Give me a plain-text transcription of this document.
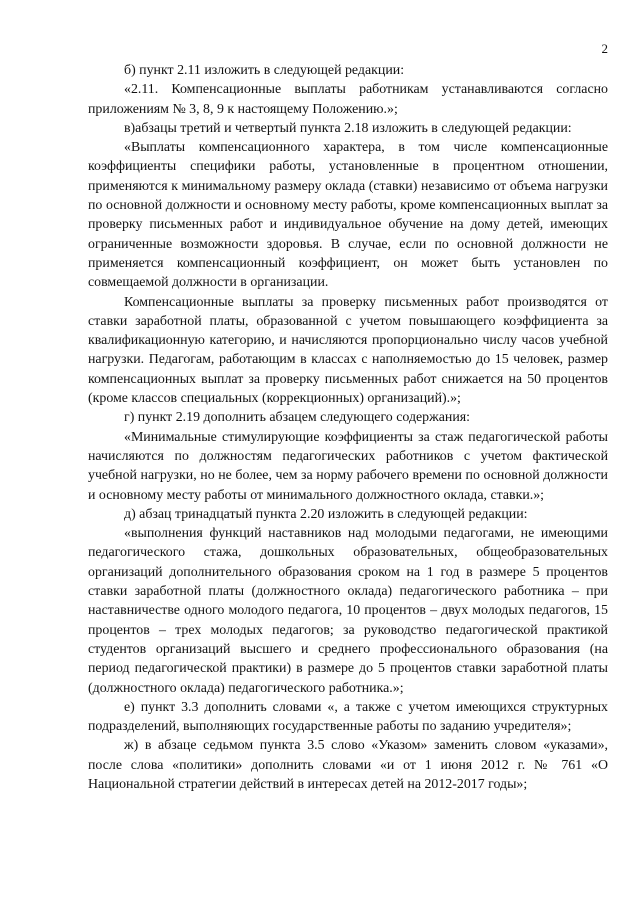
2

б) пункт 2.11 изложить в следующей редакции:

«2.11. Компенсационные выплаты работникам устанавливаются согласно приложениям № 3, 8, 9 к настоящему Положению.»;

в)абзацы третий и четвертый пункта 2.18 изложить в следующей редакции:

«Выплаты компенсационного характера, в том числе компенсационные коэффициенты специфики работы, установленные в процентном отношении, применяются к минимальному размеру оклада (ставки) независимо от объема нагрузки по основной должности и основному месту работы, кроме компенсационных выплат за проверку письменных работ и индивидуальное обучение на дому детей, имеющих ограниченные возможности здоровья. В случае, если по основной должности не применяется компенсационный коэффициент, он может быть установлен по совмещаемой должности в организации.

Компенсационные выплаты за проверку письменных работ производятся от ставки заработной платы, образованной с учетом повышающего коэффициента за квалификационную категорию, и начисляются пропорционально числу часов учебной нагрузки. Педагогам, работающим в классах с наполняемостью до 15 человек, размер компенсационных выплат за проверку письменных работ снижается на 50 процентов (кроме классов специальных (коррекционных) организаций).»;

г) пункт 2.19 дополнить абзацем следующего содержания:

«Минимальные стимулирующие коэффициенты за стаж педагогической работы начисляются по должностям педагогических работников с учетом фактической учебной нагрузки, но не более, чем за норму рабочего времени по основной должности и основному месту работы от минимального должностного оклада, ставки.»;

д) абзац тринадцатый пункта 2.20 изложить в следующей редакции:

«выполнения функций наставников над молодыми педагогами, не имеющими педагогического стажа, дошкольных образовательных, общеобразовательных организаций дополнительного образования сроком на 1 год в размере 5 процентов ставки заработной платы (должностного оклада) педагогического работника – при наставничестве одного молодого педагога, 10 процентов – двух молодых педагогов, 15 процентов – трех молодых педагогов; за руководство педагогической практикой студентов организаций высшего и среднего профессионального образования (на период педагогической практики) в размере до 5 процентов ставки заработной платы (должностного оклада) педагогического работника.»;

е) пункт 3.3 дополнить словами «, а также с учетом имеющихся структурных подразделений, выполняющих государственные работы по заданию учредителя»;

ж) в абзаце седьмом пункта 3.5 слово «Указом» заменить словом «указами», после слова «политики» дополнить словами «и от 1 июня 2012 г. № 761 «О Национальной стратегии действий в интересах детей на 2012-2017 годы»;
